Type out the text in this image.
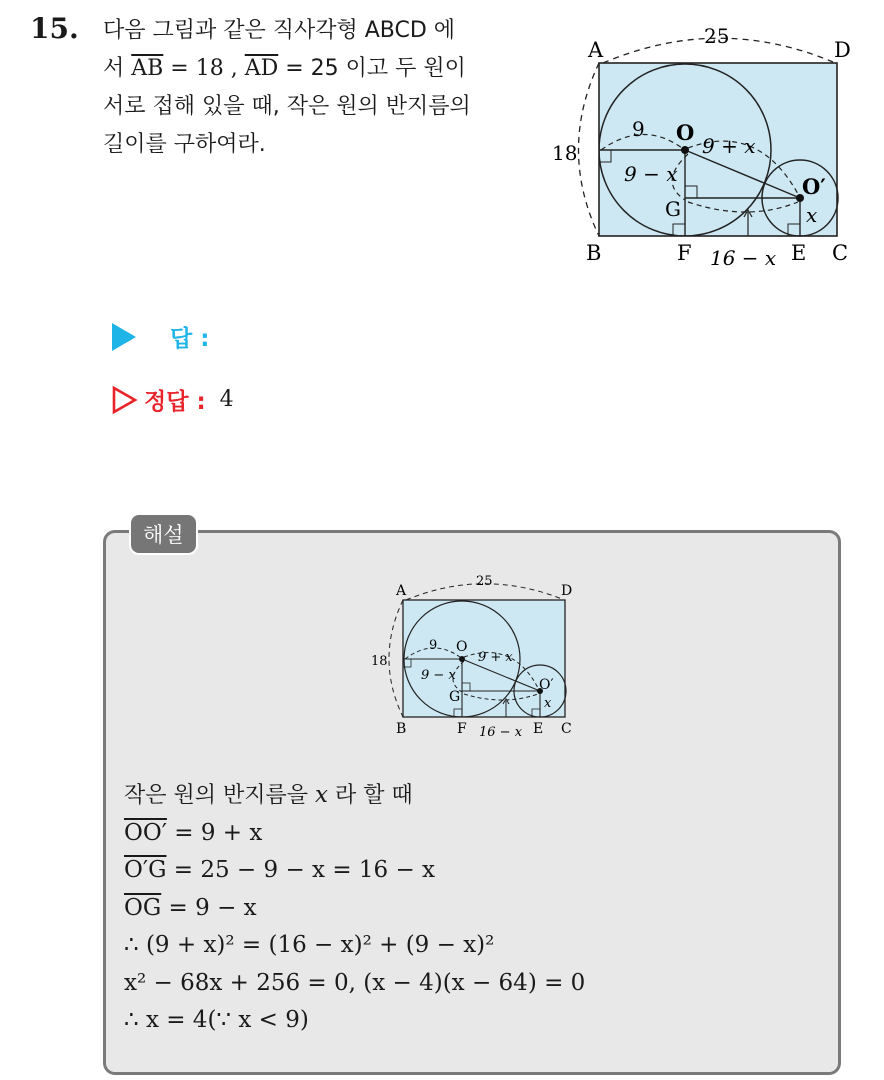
15. 다음 그림과 같은 직사각형 ABCD 에
서 $\overline{AB} = 18$ , $\overline{AD} = 25$ 이고 두 원이
서로 접해 있을 때, 작은 원의 반지름의
길이를 구하여라.
A	D
B	C
25
18
9 O
9 + x
9 − x	O′
G	x
F	E
16 − x
답 :
정답 : 4
해설
A	D
B	C
25
18
9 O
9 + x
9 − x
O′
G	x
F	E
16 − x
작은 원의 반지름을 x 라 할 때
OO′ = 9 + x
O′G = 25 − 9 − x = 16 − x
$\overline{OG} = 9 - x$
∴ (9 + x)² = (16 − x)² + (9 − x)²
x² − 68x + 256 = 0, (x − 4)(x − 64) = 0
∴ x = 4(∵ x < 9)
